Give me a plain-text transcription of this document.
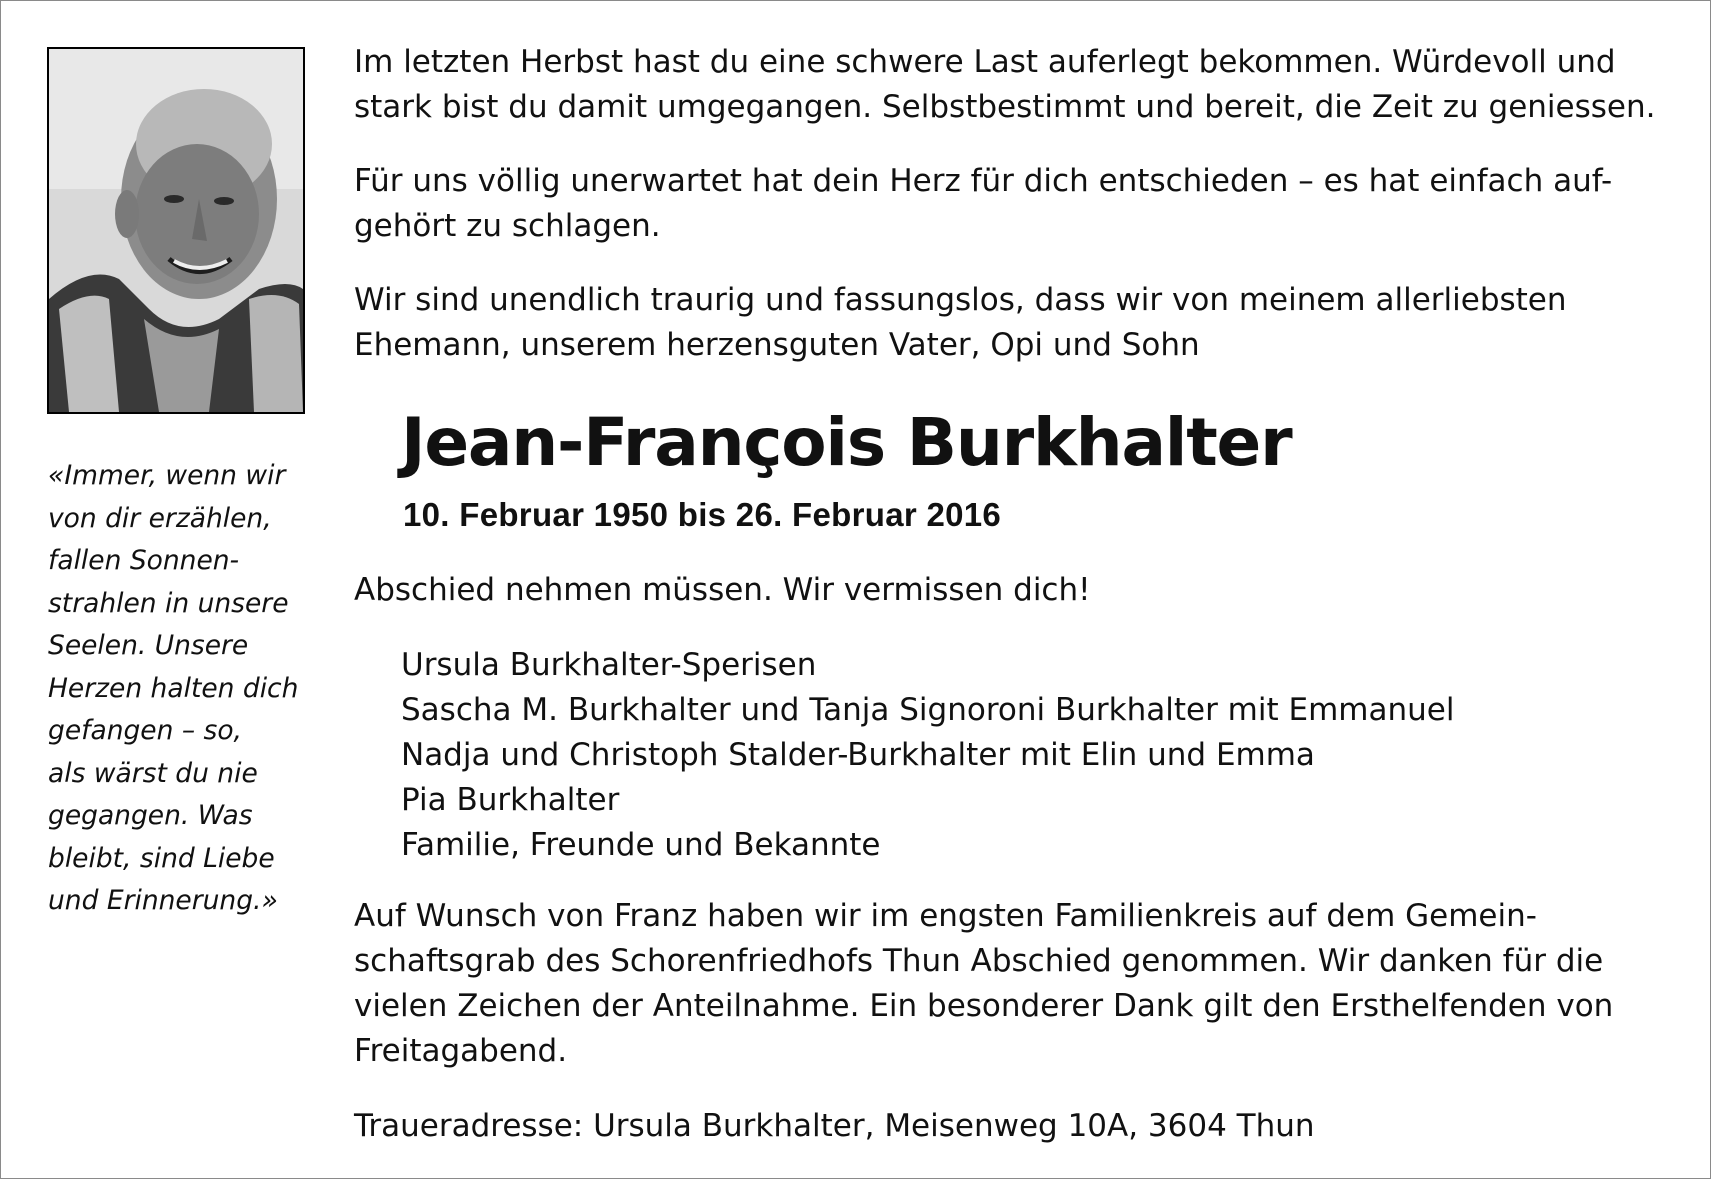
«Immer, wenn wir
von dir erzählen,
fallen Sonnen-
strahlen in unsere
Seelen. Unsere
Herzen halten dich
gefangen – so,
als wärst du nie
gegangen. Was
bleibt, sind Liebe
und Erinnerung.»
Im letzten Herbst hast du eine schwere Last auferlegt bekommen. Würdevoll und
stark bist du damit umgegangen. Selbstbestimmt und bereit, die Zeit zu geniessen.
Für uns völlig unerwartet hat dein Herz für dich entschieden – es hat einfach auf-
gehört zu schlagen.
Wir sind unendlich traurig und fassungslos, dass wir von meinem allerliebsten
Ehemann, unserem herzensguten Vater, Opi und Sohn
Jean-François Burkhalter
10. Februar 1950 bis 26. Februar 2016
Abschied nehmen müssen. Wir vermissen dich!
Ursula Burkhalter-Sperisen
Sascha M. Burkhalter und Tanja Signoroni Burkhalter mit Emmanuel
Nadja und Christoph Stalder-Burkhalter mit Elin und Emma
Pia Burkhalter
Familie, Freunde und Bekannte
Auf Wunsch von Franz haben wir im engsten Familienkreis auf dem Gemein-
schaftsgrab des Schorenfriedhofs Thun Abschied genommen. Wir danken für die
vielen Zeichen der Anteilnahme. Ein besonderer Dank gilt den Ersthelfenden von
Freitagabend.
Traueradresse: Ursula Burkhalter, Meisenweg 10A, 3604 Thun
